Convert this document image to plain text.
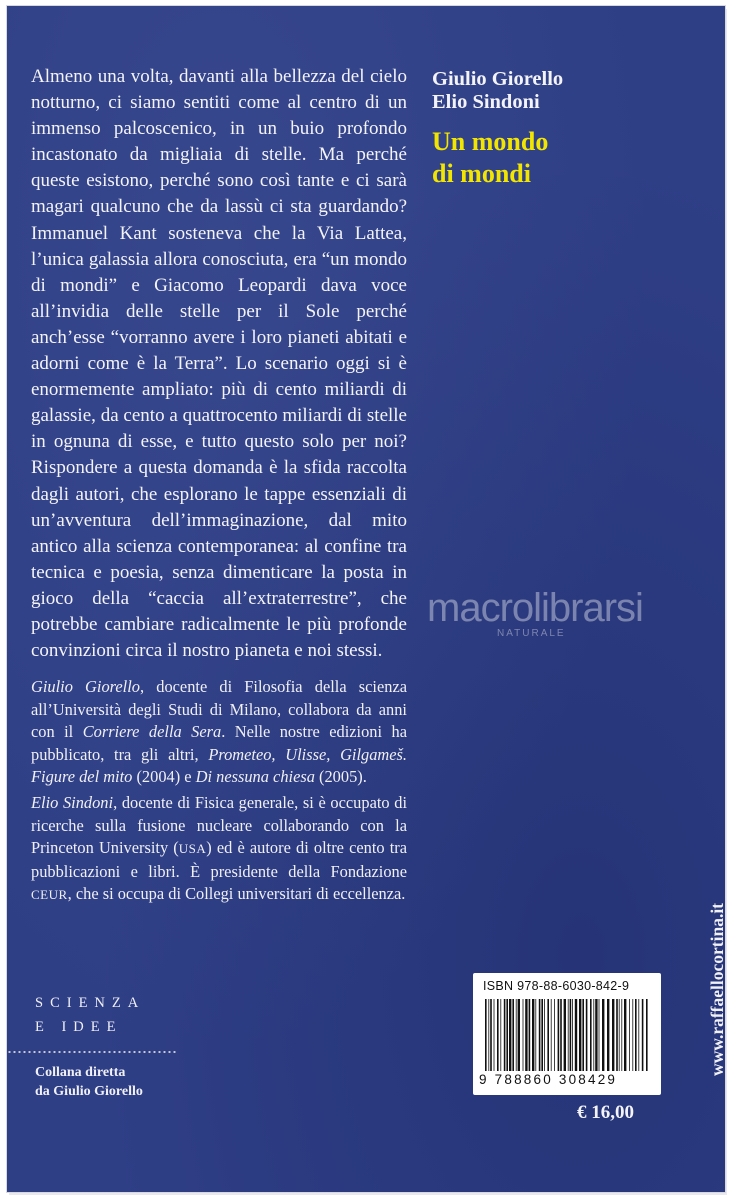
Almeno una volta, davanti alla bellezza del cielo notturno, ci siamo sentiti come al centro di un immenso palcoscenico, in un buio profondo incastonato da migliaia di stelle. Ma perché queste esistono, perché sono così tante e ci sarà magari qualcuno che da lassù ci sta guardando? Immanuel Kant sosteneva che la Via Lattea, l’unica galassia allora conosciuta, era “un mondo di mondi” e Giacomo Leopardi dava voce all’invidia delle stelle per il Sole perché anch’esse “vorranno avere i loro pianeti abitati e adorni come è la Terra”. Lo scenario oggi si è enormemente ampliato: più di cento miliardi di galassie, da cento a quattrocento miliardi di stelle in ognuna di esse, e tutto questo solo per noi? Rispondere a questa domanda è la sfida raccolta dagli autori, che esplorano le tappe essenziali di un’avventura dell’immaginazione, dal mito antico alla scienza contemporanea: al confine tra tecnica e poesia, senza dimenticare la posta in gioco della “caccia all’extraterrestre”, che potrebbe cambiare radicalmente le più profonde convinzioni circa il nostro pianeta e noi stessi.

Giulio Giorello, docente di Filosofia della scienza all’Università degli Studi di Milano, collabora da anni con il Corriere della Sera. Nelle nostre edizioni ha pubblicato, tra gli altri, Prometeo, Ulisse, Gilgameš. Figure del mito (2004) e Di nessuna chiesa (2005).

Elio Sindoni, docente di Fisica generale, si è occupato di ricerche sulla fusione nucleare collaborando con la Princeton University (USA) ed è autore di oltre cento tra pubblicazioni e libri. È presidente della Fondazione CEUR, che si occupa di Collegi universitari di eccellenza.

Giulio Giorello
Elio Sindoni
Un mondo
di mondi
macrolibrarsi
NATURALE
SCIENZA
E IDEE
Collana diretta
da Giulio Giorello
ISBN 978-88-6030-842-9
9 788860 308429
€ 16,00
www.raffaellocortina.it
